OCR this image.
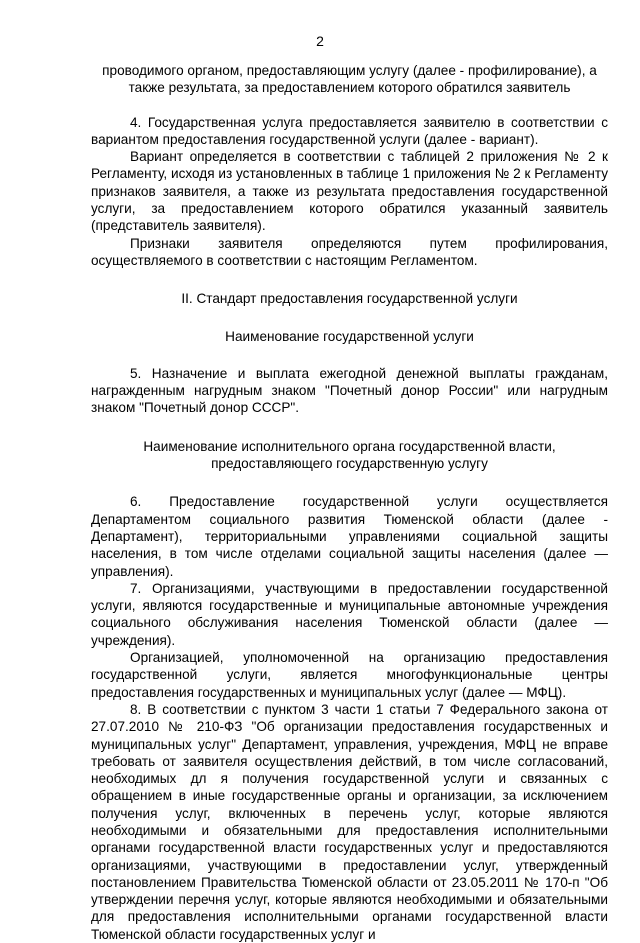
2

проводимого органом, предоставляющим услугу (далее - профилирование), а также результата, за предоставлением которого обратился заявитель

4. Государственная услуга предоставляется заявителю в соответствии с вариантом предоставления государственной услуги (далее - вариант).

Вариант определяется в соответствии с таблицей 2 приложения № 2 к Регламенту, исходя из установленных в таблице 1 приложения № 2 к Регламенту признаков заявителя, а также из результата предоставления государственной услуги, за предоставлением которого обратился указанный заявитель (представитель заявителя).

Признаки заявителя определяются путем профилирования, осуществляемого в соответствии с настоящим Регламентом.

II. Стандарт предоставления государственной услуги

Наименование государственной услуги

5. Назначение и выплата ежегодной денежной выплаты гражданам, награжденным нагрудным знаком "Почетный донор России" или нагрудным знаком "Почетный донор СССР".

Наименование исполнительного органа государственной власти,

предоставляющего государственную услугу

6. Предоставление государственной услуги осуществляется Департаментом социального развития Тюменской области (далее - Департамент), территориальными управлениями социальной защиты населения, в том числе отделами социальной защиты населения (далее — управления).

7. Организациями, участвующими в предоставлении государственной услуги, являются государственные и муниципальные автономные учреждения социального обслуживания населения Тюменской области (далее — учреждения).

Организацией, уполномоченной на организацию предоставления государственной услуги, является многофункциональные центры предоставления государственных и муниципальных услуг (далее — МФЦ).

8. В соответствии с пунктом 3 части 1 статьи 7 Федерального закона от 27.07.2010 № 210-ФЗ "Об организации предоставления государственных и муниципальных услуг" Департамент, управления, учреждения, МФЦ не вправе требовать от заявителя осуществления действий, в том числе согласований, необходимых дл я получения государственной услуги и связанных с обращением в иные государственные органы и организации, за исключением получения услуг, включенных в перечень услуг, которые являются необходимыми и обязательными для предоставления исполнительными органами государственной власти государственных услуг и предоставляются организациями, участвующими в предоставлении услуг, утвержденный постановлением Правительства Тюменской области от 23.05.2011 № 170-п "Об утверждении перечня услуг, которые являются необходимыми и обязательными для предоставления исполнительными органами государственной власти Тюменской области государственных услуг и
